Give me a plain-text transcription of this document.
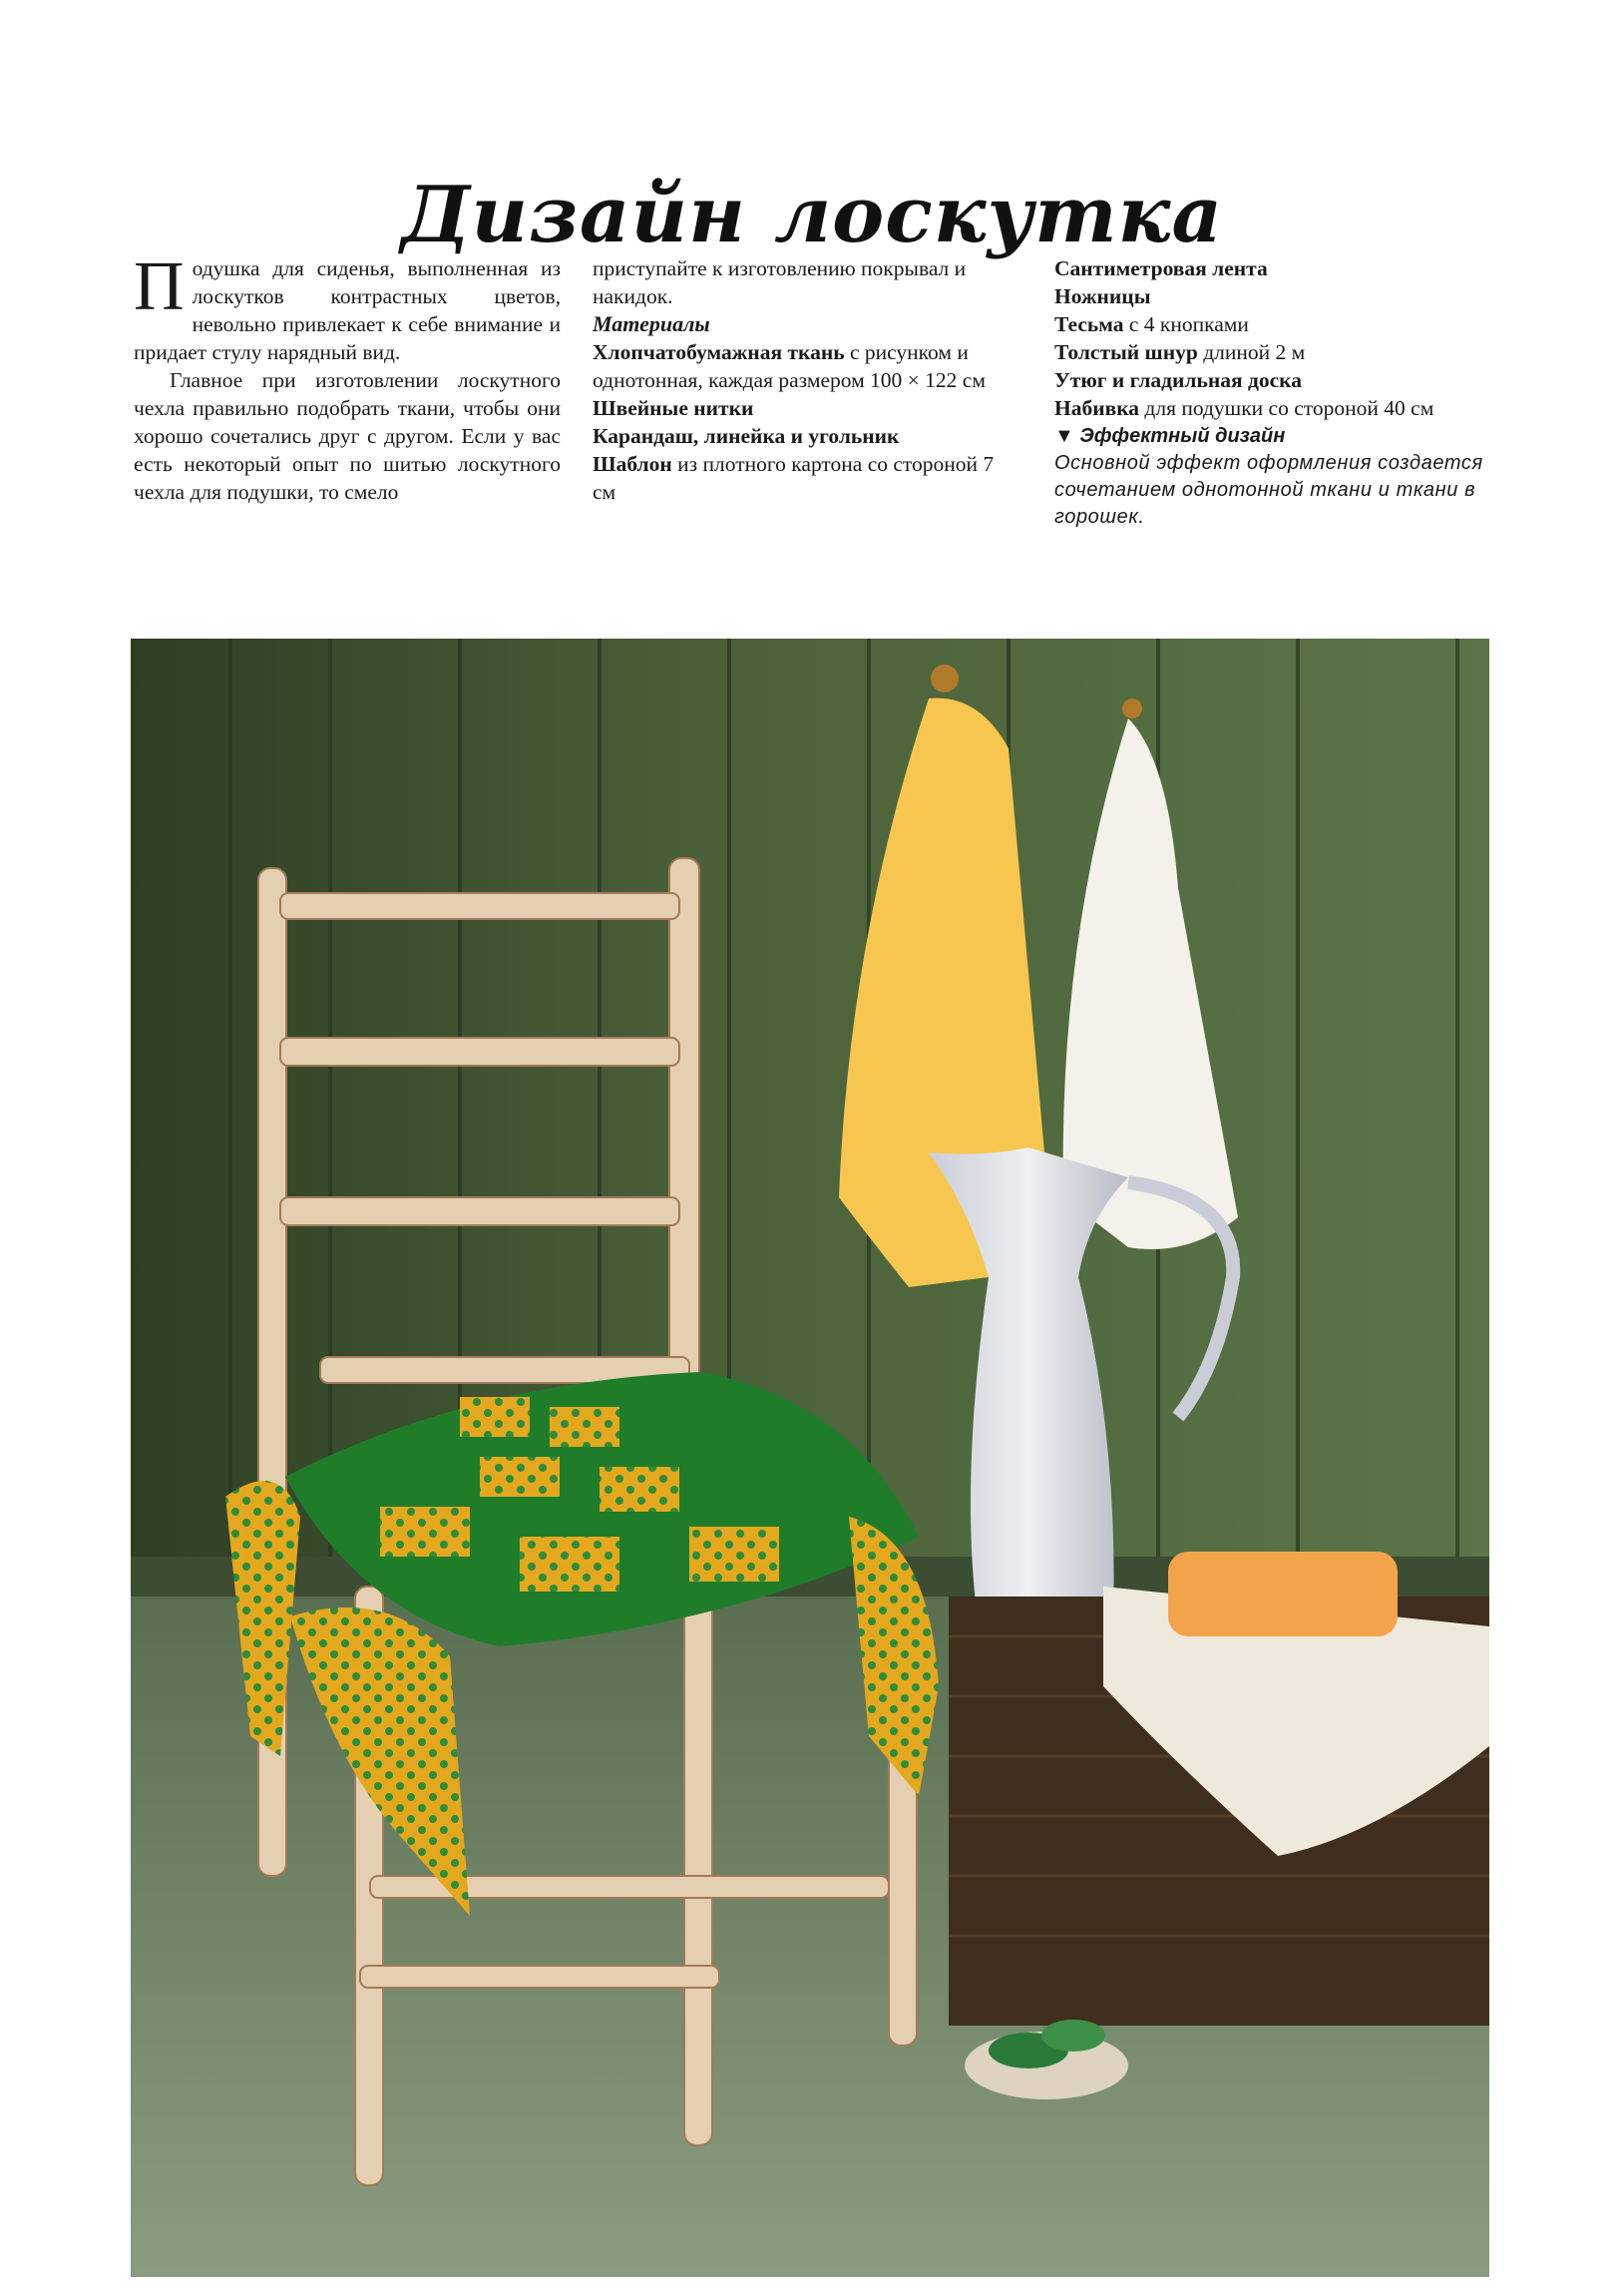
Дизайн лоскутка

Подушка для сиденья, выполненная из лоскутков контрастных цветов, невольно привлекает к себе внимание и придает стулу нарядный вид.

Главное при изготовлении лоскутного чехла правильно подобрать ткани, чтобы они хорошо сочетались друг с другом. Если у вас есть некоторый опыт по шитью лоскутного чехла для подушки, то смело

приступайте к изготовлению покрывал и накидок.

Материалы

Хлопчатобумажная ткань с рисунком и однотонная, каждая размером 100 × 122 см

Швейные нитки

Карандаш, линейка и угольник

Шаблон из плотного картона со стороной 7 см

Сантиметровая лента

Ножницы

Тесьма с 4 кнопками

Толстый шнур длиной 2 м

Утюг и гладильная доска

Набивка для подушки со стороной 40 см

▼ Эффектный дизайн

Основной эффект оформления создается сочетанием однотонной ткани и ткани в горошек.
